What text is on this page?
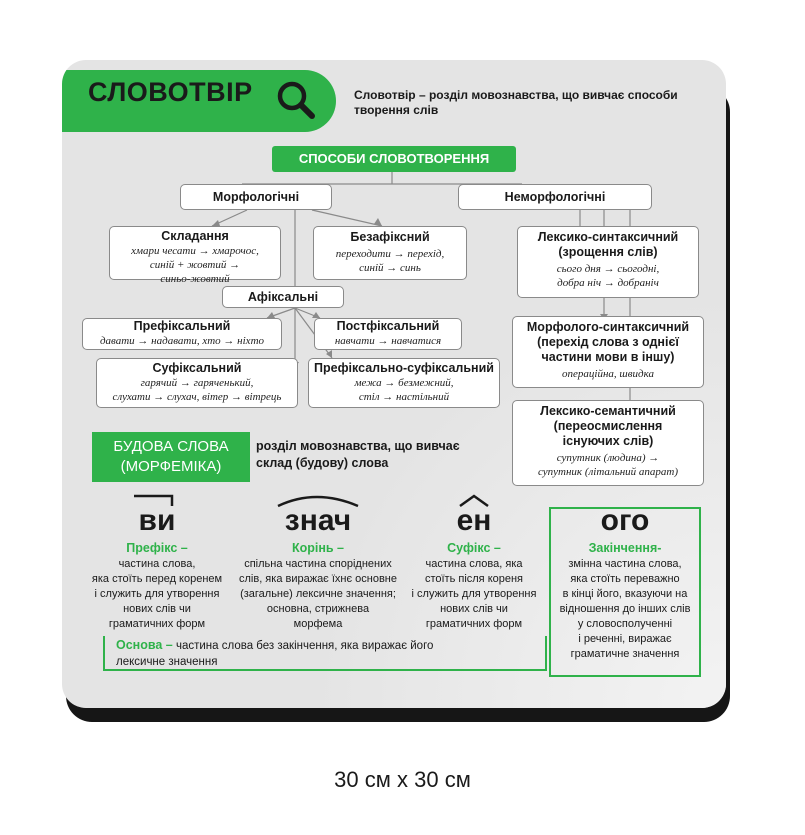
СЛОВОТВІР	Словотвір – розділ мовознавства, що вивчає способи творення слів
СПОСОБИ СЛОВОТВОРЕННЯ
Морфологічні	Неморфологічні
Складання
хмари чесати → хмарочос,
синій + жовтий →
синьо-жовтий
Безафіксний
переходити → перехід,
синій → синь
Афіксальні
Префіксальний
давати → надавати, хто → ніхто
Постфіксальний
навчати → навчатися
Суфіксальний
гарячий → гаряченький,
слухати → слухач, вітер → вітрець
Префіксально-суфіксальний
межа → безмежний,
стіл → настільний
Лексико-синтаксичний
(зрощення слів)
сього дня → сьогодні,
добра ніч → добраніч
Морфолого-синтаксичний
(перехід слова з однієї
частини мови в іншу)
операційна, швидка
Лексико-семантичний
(переосмислення
існуючих слів)
супутник (людина) →
супутник (літальний апарат)
БУДОВА СЛОВА
(МОРФЕМІКА)
розділ мовознавства, що вивчає
склад (будову) слова
ви
Префікс –
частина слова,
яка стоїть перед коренем
і служить для утворення
нових слів чи
граматичних форм
знач
Корінь –
спільна частина споріднених
слів, яка виражає їхнє основне
(загальне) лексичне значення;
основна, стрижнева
морфема
ен
Суфікс –
частина слова, яка
стоїть після кореня
і служить для утворення
нових слів чи
граматичних форм
ого
Закінчення-
змінна частина слова,
яка стоїть переважно
в кінці його, вказуючи на
відношення до інших слів
у словосполученні
і реченні, виражає
граматичне значення
Основа – частина слова без закінчення, яка виражає його
лексичне значення
30 см х 30 см
